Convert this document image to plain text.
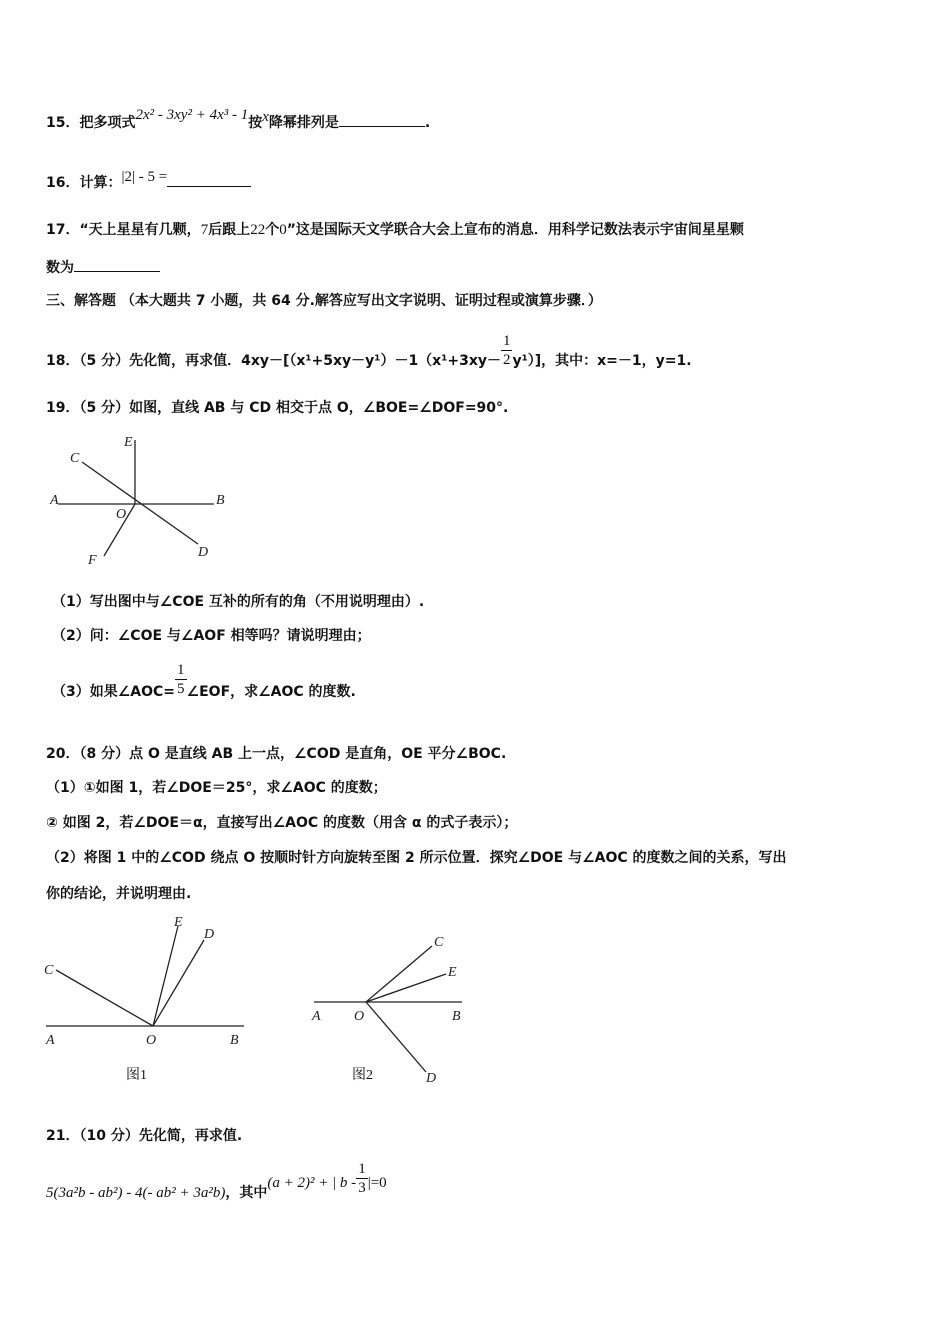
15．把多项式2x² - 3xy² + 4x³ - 1按x降幂排列是	.
16．计算：|2| - 5 =
17．“天上星星有几颗，7后跟上22个0”这是国际天文学联合大会上宣布的消息．用科学记数法表示宇宙间星星颗
数为
三、解答题 （本大题共 7 小题，共 64 分.解答应写出文字说明、证明过程或演算步骤．）
18．（5 分）先化简，再求值．$4xy-[(x^1+5xy-y^1)-1(x^1+3xy- \frac{1}{2} y^1)]$，其中：x=－1，y=1.
19．（5 分）如图，直线 AB 与 CD 相交于点 O，∠BOE=∠DOF=90°.
E
C
A	B
O
F
D
（1）写出图中与∠COE 互补的所有的角（不用说明理由）.
（2）问：∠COE 与∠AOF 相等吗？请说明理由；
（3）如果∠AOC= $\frac{1}{5}$ ∠EOF，求∠AOC 的度数.
20．（8 分）点 O 是直线 AB 上一点，∠COD 是直角，OE 平分∠BOC.
（1）①如图 1，若∠DOE＝25°，求∠AOC 的度数；
② 如图 2，若∠DOE＝α，直接写出∠AOC 的度数（用含 α 的式子表示）；
（2）将图 1 中的∠COD 绕点 O 按顺时针方向旋转至图 2 所示位置．探究∠DOE 与∠AOC 的度数之间的关系，写出
你的结论，并说明理由.
C
E
D
A	O	B
图1
C
E
A O	B
D
图2
21．（10 分）先化简，再求值.
5(3a²b - ab²) - 4(- ab² + 3a²b)，其中(a + 2)² + | $b - \frac{1}{3} |=0$
